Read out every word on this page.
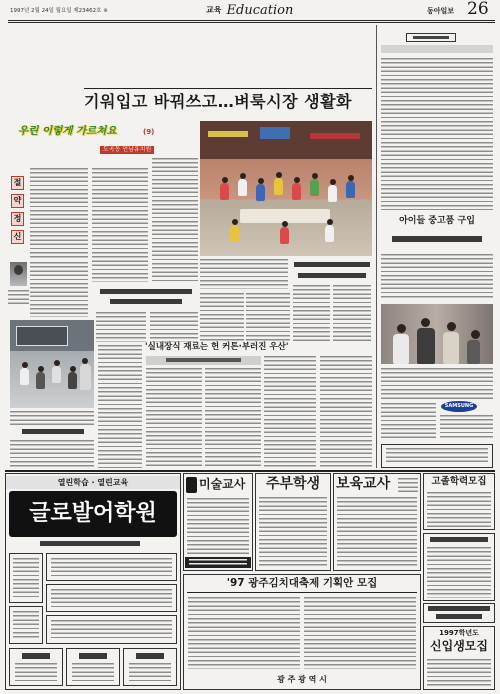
1997년 2월 24일 월요일 제23462호 ※	교육 Education	동아일보 26
기워입고 바꿔쓰고…벼룩시장 생활화
우린 이렇게 가르쳐요	(9)
도곡동 언남유치원
절
약
정
신
'실내장식 재료는 헌 커튼·부러진 우산'
아이들 중고품 구입
SAMSUNG
열린학습 · 열린교육
글로발어학원
미술교사	주부학생	보육교사	고졸학력모집
1997학년도
신입생모집
'97 광주김치대축제 기획안 모집
광 주 광 역 시
